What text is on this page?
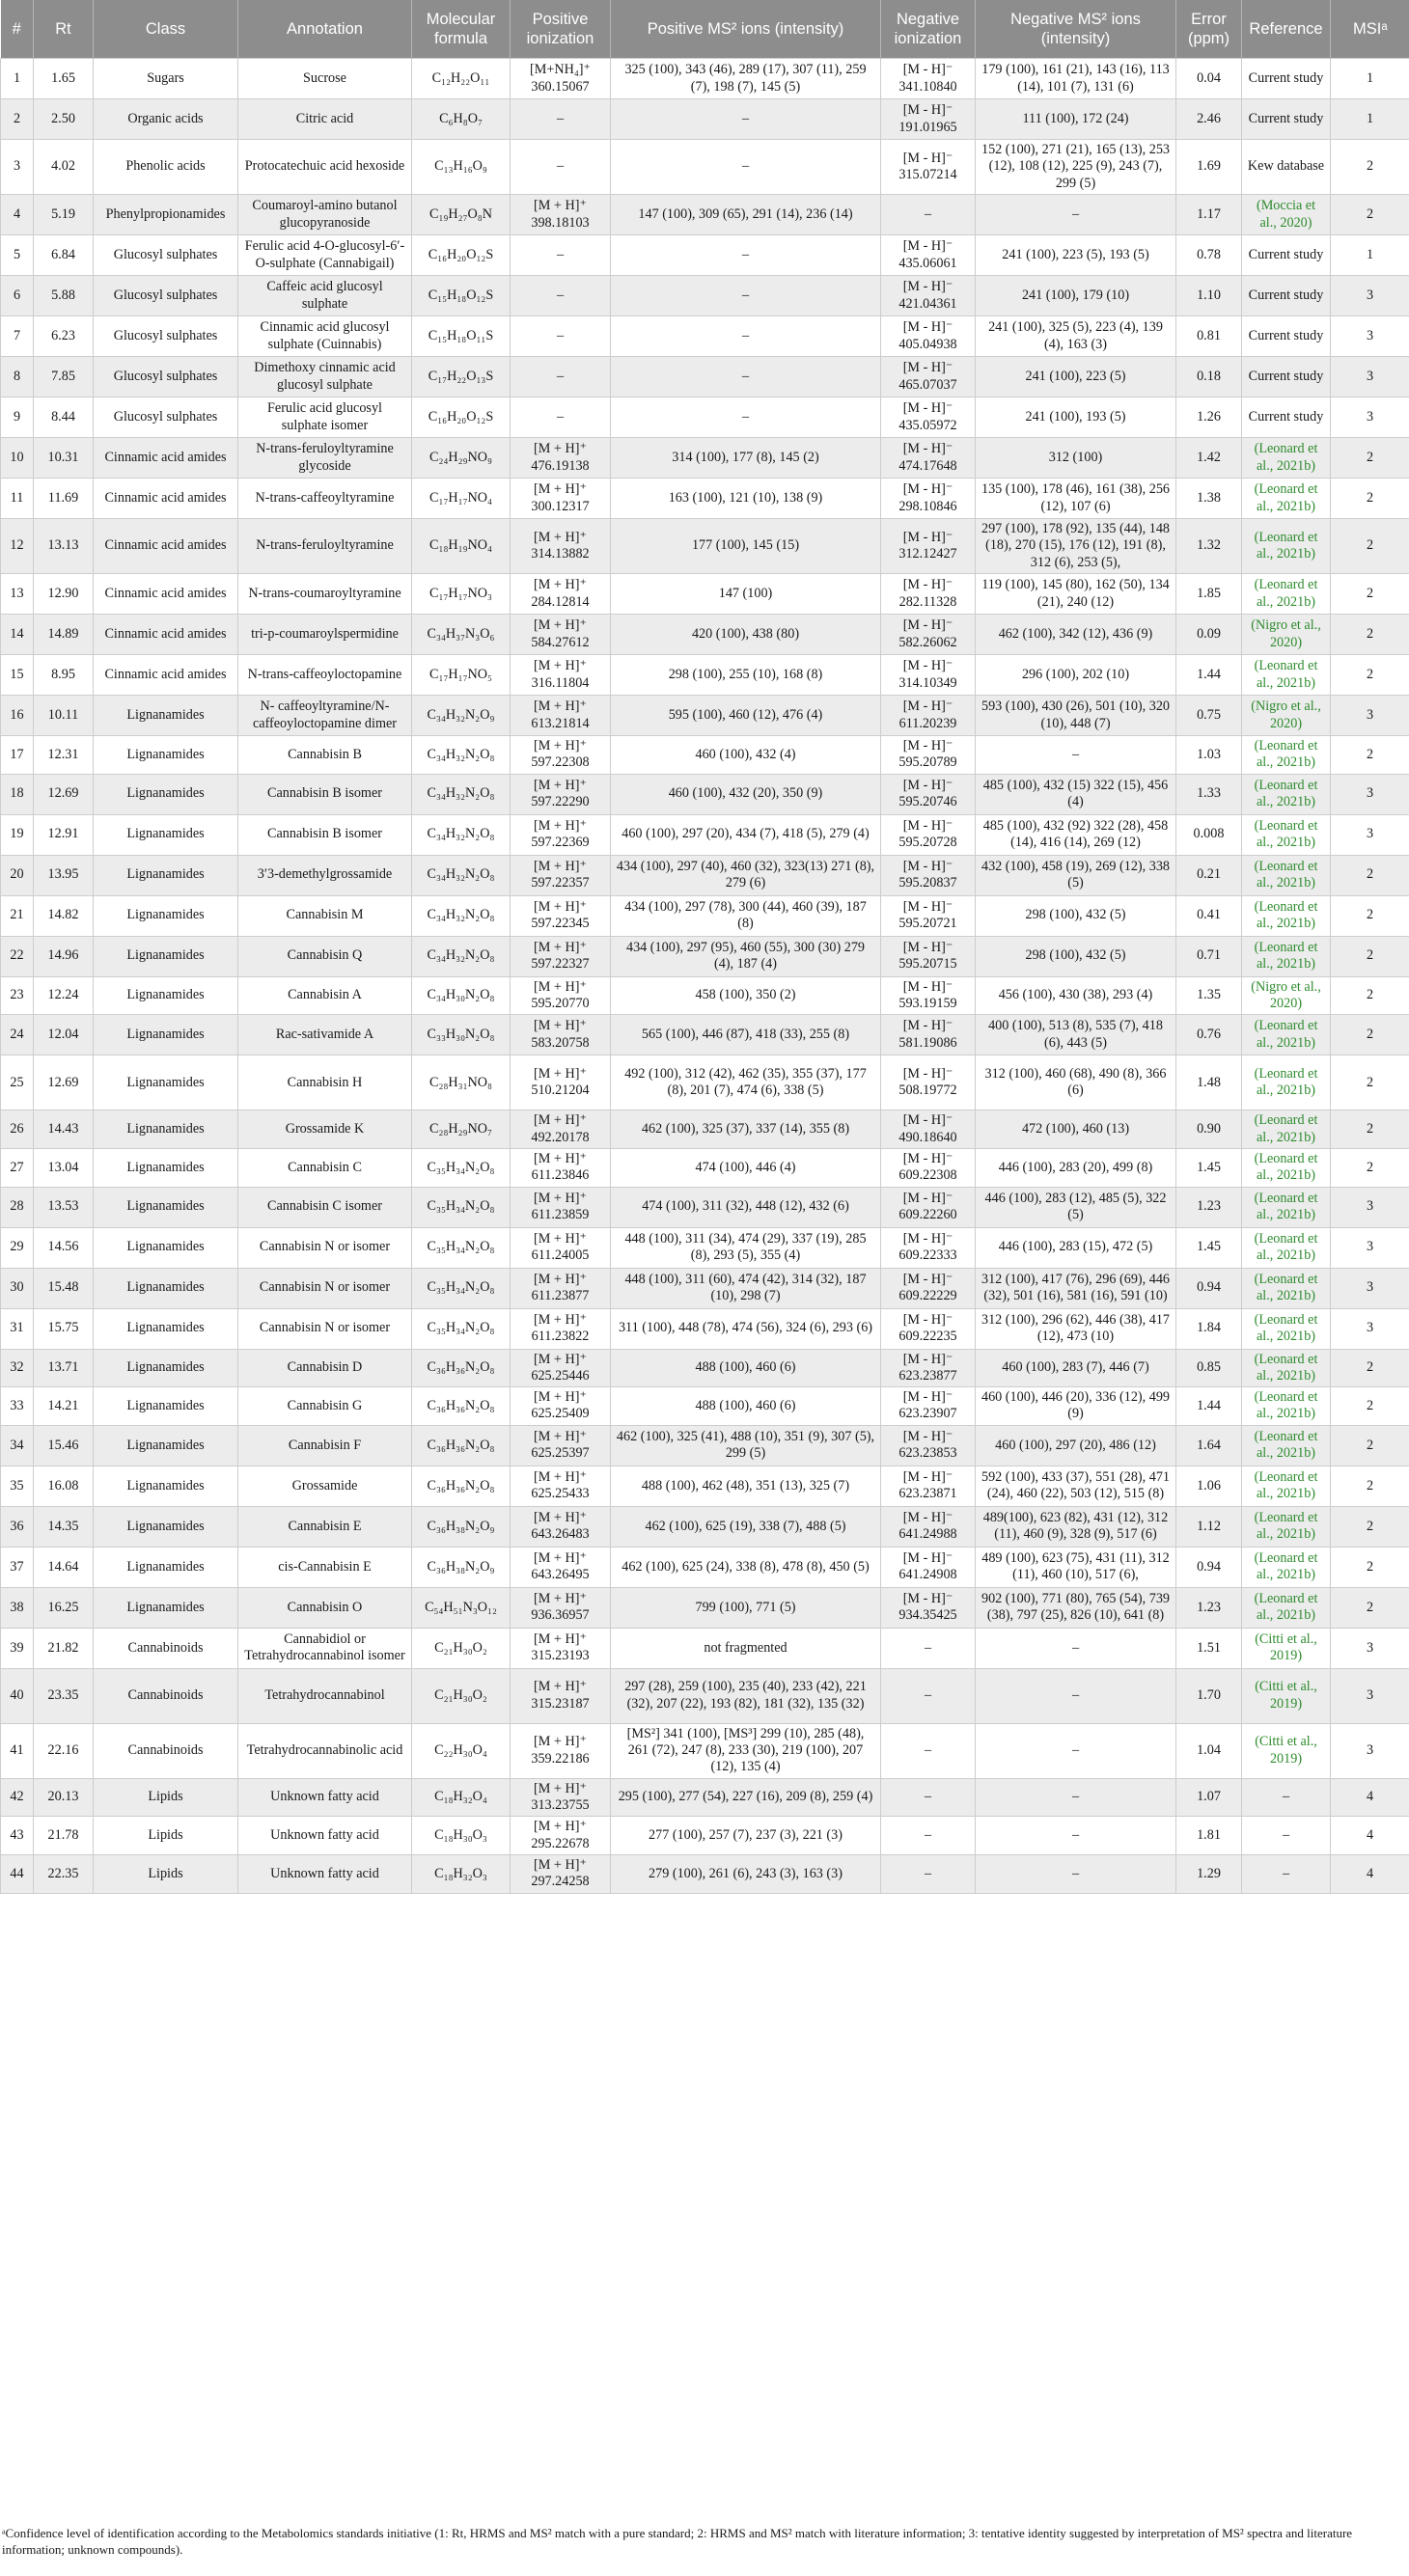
#	Rt	Class	Annotation	Molecular formula	Positive ionization	Positive MS² ions (intensity)	Negative ionization	Negative MS² ions (intensity)	Error (ppm)	Reference	MSIᵃ
1	1.65	Sugars	Sucrose	C₁₂H₂₂O₁₁	[M+NH₄]⁺ 360.15067	325 (100), 343 (46), 289 (17), 307 (11), 259 (7), 198 (7), 145 (5)	[M - H]⁻ 341.10840	179 (100), 161 (21), 143 (16), 113 (14), 101 (7), 131 (6)	0.04	Current study	1
2	2.50	Organic acids	Citric acid	C₆H₈O₇	–	–	[M - H]⁻ 191.01965	111 (100), 172 (24)	2.46	Current study	1
3	4.02	Phenolic acids	Protocatechuic acid hexoside	C₁₃H₁₆O₉	–	–	[M - H]⁻ 315.07214	152 (100), 271 (21), 165 (13), 253 (12), 108 (12), 225 (9), 243 (7), 299 (5)	1.69	Kew database	2
4	5.19	Phenylpropionamides	Coumaroyl-amino butanol glucopyranoside	C₁₉H₂₇O₈N	[M + H]⁺ 398.18103	147 (100), 309 (65), 291 (14), 236 (14)	–	–	1.17	(Moccia et al., 2020)	2
5	6.84	Glucosyl sulphates	Ferulic acid 4-O-glucosyl-6′-O-sulphate (Cannabigail)	C₁₆H₂₀O₁₂S	–	–	[M - H]⁻ 435.06061	241 (100), 223 (5), 193 (5)	0.78	Current study	1
6	5.88	Glucosyl sulphates	Caffeic acid glucosyl sulphate	C₁₅H₁₈O₁₂S	–	–	[M - H]⁻ 421.04361	241 (100), 179 (10)	1.10	Current study	3
7	6.23	Glucosyl sulphates	Cinnamic acid glucosyl sulphate (Cuinnabis)	C₁₅H₁₈O₁₁S	–	–	[M - H]⁻ 405.04938	241 (100), 325 (5), 223 (4), 139 (4), 163 (3)	0.81	Current study	3
8	7.85	Glucosyl sulphates	Dimethoxy cinnamic acid glucosyl sulphate	C₁₇H₂₂O₁₃S	–	–	[M - H]⁻ 465.07037	241 (100), 223 (5)	0.18	Current study	3
9	8.44	Glucosyl sulphates	Ferulic acid glucosyl sulphate isomer	C₁₆H₂₀O₁₂S	–	–	[M - H]⁻ 435.05972	241 (100), 193 (5)	1.26	Current study	3
10	10.31	Cinnamic acid amides	N-trans-feruloyltyramine glycoside	C₂₄H₂₉NO₉	[M + H]⁺ 476.19138	314 (100), 177 (8), 145 (2)	[M - H]⁻ 474.17648	312 (100)	1.42	(Leonard et al., 2021b)	2
11	11.69	Cinnamic acid amides	N-trans-caffeoyltyramine	C₁₇H₁₇NO₄	[M + H]⁺ 300.12317	163 (100), 121 (10), 138 (9)	[M - H]⁻ 298.10846	135 (100), 178 (46), 161 (38), 256 (12), 107 (6)	1.38	(Leonard et al., 2021b)	2
12	13.13	Cinnamic acid amides	N-trans-feruloyltyramine	C₁₈H₁₉NO₄	[M + H]⁺ 314.13882	177 (100), 145 (15)	[M - H]⁻ 312.12427	297 (100), 178 (92), 135 (44), 148 (18), 270 (15), 176 (12), 191 (8), 312 (6), 253 (5),	1.32	(Leonard et al., 2021b)	2
13	12.90	Cinnamic acid amides	N-trans-coumaroyltyramine	C₁₇H₁₇NO₃	[M + H]⁺ 284.12814	147 (100)	[M - H]⁻ 282.11328	119 (100), 145 (80), 162 (50), 134 (21), 240 (12)	1.85	(Leonard et al., 2021b)	2
14	14.89	Cinnamic acid amides	tri-p-coumaroylspermidine	C₃₄H₃₇N₃O₆	[M + H]⁺ 584.27612	420 (100), 438 (80)	[M - H]⁻ 582.26062	462 (100), 342 (12), 436 (9)	0.09	(Nigro et al., 2020)	2
15	8.95	Cinnamic acid amides	N-trans-caffeoyloctopamine	C₁₇H₁₇NO₅	[M + H]⁺ 316.11804	298 (100), 255 (10), 168 (8)	[M - H]⁻ 314.10349	296 (100), 202 (10)	1.44	(Leonard et al., 2021b)	2
16	10.11	Lignanamides	N- caffeoyltyramine/N-caffeoyloctopamine dimer	C₃₄H₃₂N₂O₉	[M + H]⁺ 613.21814	595 (100), 460 (12), 476 (4)	[M - H]⁻ 611.20239	593 (100), 430 (26), 501 (10), 320 (10), 448 (7)	0.75	(Nigro et al., 2020)	3
17	12.31	Lignanamides	Cannabisin B	C₃₄H₃₂N₂O₈	[M + H]⁺ 597.22308	460 (100), 432 (4)	[M - H]⁻ 595.20789	–	1.03	(Leonard et al., 2021b)	2
18	12.69	Lignanamides	Cannabisin B isomer	C₃₄H₃₂N₂O₈	[M + H]⁺ 597.22290	460 (100), 432 (20), 350 (9)	[M - H]⁻ 595.20746	485 (100), 432 (15) 322 (15), 456 (4)	1.33	(Leonard et al., 2021b)	3
19	12.91	Lignanamides	Cannabisin B isomer	C₃₄H₃₂N₂O₈	[M + H]⁺ 597.22369	460 (100), 297 (20), 434 (7), 418 (5), 279 (4)	[M - H]⁻ 595.20728	485 (100), 432 (92) 322 (28), 458 (14), 416 (14), 269 (12)	0.008	(Leonard et al., 2021b)	3
20	13.95	Lignanamides	3′3-demethylgrossamide	C₃₄H₃₂N₂O₈	[M + H]⁺ 597.22357	434 (100), 297 (40), 460 (32), 323(13) 271 (8), 279 (6)	[M - H]⁻ 595.20837	432 (100), 458 (19), 269 (12), 338 (5)	0.21	(Leonard et al., 2021b)	2
21	14.82	Lignanamides	Cannabisin M	C₃₄H₃₂N₂O₈	[M + H]⁺ 597.22345	434 (100), 297 (78), 300 (44), 460 (39), 187 (8)	[M - H]⁻ 595.20721	298 (100), 432 (5)	0.41	(Leonard et al., 2021b)	2
22	14.96	Lignanamides	Cannabisin Q	C₃₄H₃₂N₂O₈	[M + H]⁺ 597.22327	434 (100), 297 (95), 460 (55), 300 (30) 279 (4), 187 (4)	[M - H]⁻ 595.20715	298 (100), 432 (5)	0.71	(Leonard et al., 2021b)	2
23	12.24	Lignanamides	Cannabisin A	C₃₄H₃₀N₂O₈	[M + H]⁺ 595.20770	458 (100), 350 (2)	[M - H]⁻ 593.19159	456 (100), 430 (38), 293 (4)	1.35	(Nigro et al., 2020)	2
24	12.04	Lignanamides	Rac-sativamide A	C₃₃H₃₀N₂O₈	[M + H]⁺ 583.20758	565 (100), 446 (87), 418 (33), 255 (8)	[M - H]⁻ 581.19086	400 (100), 513 (8), 535 (7), 418 (6), 443 (5)	0.76	(Leonard et al., 2021b)	2
25	12.69	Lignanamides	Cannabisin H	C₂₈H₃₁NO₈	[M + H]⁺ 510.21204	492 (100), 312 (42), 462 (35), 355 (37), 177 (8), 201 (7), 474 (6), 338 (5)	[M - H]⁻ 508.19772	312 (100), 460 (68), 490 (8), 366 (6)	1.48	(Leonard et al., 2021b)	2
26	14.43	Lignanamides	Grossamide K	C₂₈H₂₉NO₇	[M + H]⁺ 492.20178	462 (100), 325 (37), 337 (14), 355 (8)	[M - H]⁻ 490.18640	472 (100), 460 (13)	0.90	(Leonard et al., 2021b)	2
27	13.04	Lignanamides	Cannabisin C	C₃₅H₃₄N₂O₈	[M + H]⁺ 611.23846	474 (100), 446 (4)	[M - H]⁻ 609.22308	446 (100), 283 (20), 499 (8)	1.45	(Leonard et al., 2021b)	2
28	13.53	Lignanamides	Cannabisin C isomer	C₃₅H₃₄N₂O₈	[M + H]⁺ 611.23859	474 (100), 311 (32), 448 (12), 432 (6)	[M - H]⁻ 609.22260	446 (100), 283 (12), 485 (5), 322 (5)	1.23	(Leonard et al., 2021b)	3
29	14.56	Lignanamides	Cannabisin N or isomer	C₃₅H₃₄N₂O₈	[M + H]⁺ 611.24005	448 (100), 311 (34), 474 (29), 337 (19), 285 (8), 293 (5), 355 (4)	[M - H]⁻ 609.22333	446 (100), 283 (15), 472 (5)	1.45	(Leonard et al., 2021b)	3
30	15.48	Lignanamides	Cannabisin N or isomer	C₃₅H₃₄N₂O₈	[M + H]⁺ 611.23877	448 (100), 311 (60), 474 (42), 314 (32), 187 (10), 298 (7)	[M - H]⁻ 609.22229	312 (100), 417 (76), 296 (69), 446 (32), 501 (16), 581 (16), 591 (10)	0.94	(Leonard et al., 2021b)	3
31	15.75	Lignanamides	Cannabisin N or isomer	C₃₅H₃₄N₂O₈	[M + H]⁺ 611.23822	311 (100), 448 (78), 474 (56), 324 (6), 293 (6)	[M - H]⁻ 609.22235	312 (100), 296 (62), 446 (38), 417 (12), 473 (10)	1.84	(Leonard et al., 2021b)	3
32	13.71	Lignanamides	Cannabisin D	C₃₆H₃₆N₂O₈	[M + H]⁺ 625.25446	488 (100), 460 (6)	[M - H]⁻ 623.23877	460 (100), 283 (7), 446 (7)	0.85	(Leonard et al., 2021b)	2
33	14.21	Lignanamides	Cannabisin G	C₃₆H₃₆N₂O₈	[M + H]⁺ 625.25409	488 (100), 460 (6)	[M - H]⁻ 623.23907	460 (100), 446 (20), 336 (12), 499 (9)	1.44	(Leonard et al., 2021b)	2
34	15.46	Lignanamides	Cannabisin F	C₃₆H₃₆N₂O₈	[M + H]⁺ 625.25397	462 (100), 325 (41), 488 (10), 351 (9), 307 (5), 299 (5)	[M - H]⁻ 623.23853	460 (100), 297 (20), 486 (12)	1.64	(Leonard et al., 2021b)	2
35	16.08	Lignanamides	Grossamide	C₃₆H₃₆N₂O₈	[M + H]⁺ 625.25433	488 (100), 462 (48), 351 (13), 325 (7)	[M - H]⁻ 623.23871	592 (100), 433 (37), 551 (28), 471 (24), 460 (22), 503 (12), 515 (8)	1.06	(Leonard et al., 2021b)	2
36	14.35	Lignanamides	Cannabisin E	C₃₆H₃₈N₂O₉	[M + H]⁺ 643.26483	462 (100), 625 (19), 338 (7), 488 (5)	[M - H]⁻ 641.24988	489(100), 623 (82), 431 (12), 312 (11), 460 (9), 328 (9), 517 (6)	1.12	(Leonard et al., 2021b)	2
37	14.64	Lignanamides	cis-Cannabisin E	C₃₆H₃₈N₂O₉	[M + H]⁺ 643.26495	462 (100), 625 (24), 338 (8), 478 (8), 450 (5)	[M - H]⁻ 641.24908	489 (100), 623 (75), 431 (11), 312 (11), 460 (10), 517 (6),	0.94	(Leonard et al., 2021b)	2
38	16.25	Lignanamides	Cannabisin O	C₅₄H₅₁N₃O₁₂	[M + H]⁺ 936.36957	799 (100), 771 (5)	[M - H]⁻ 934.35425	902 (100), 771 (80), 765 (54), 739 (38), 797 (25), 826 (10), 641 (8)	1.23	(Leonard et al., 2021b)	2
39	21.82	Cannabinoids	Cannabidiol or Tetrahydrocannabinol isomer	C₂₁H₃₀O₂	[M + H]⁺ 315.23193	not fragmented	–	–	1.51	(Citti et al., 2019)	3
40	23.35	Cannabinoids	Tetrahydrocannabinol	C₂₁H₃₀O₂	[M + H]⁺ 315.23187	297 (28), 259 (100), 235 (40), 233 (42), 221 (32), 207 (22), 193 (82), 181 (32), 135 (32)	–	–	1.70	(Citti et al., 2019)	3
41	22.16	Cannabinoids	Tetrahydrocannabinolic acid	C₂₂H₃₀O₄	[M + H]⁺ 359.22186	[MS²] 341 (100), [MS³] 299 (10), 285 (48), 261 (72), 247 (8), 233 (30), 219 (100), 207 (12), 135 (4)	–	–	1.04	(Citti et al., 2019)	3
42	20.13	Lipids	Unknown fatty acid	C₁₈H₃₂O₄	[M + H]⁺ 313.23755	295 (100), 277 (54), 227 (16), 209 (8), 259 (4)	–	–	1.07	–	4
43	21.78	Lipids	Unknown fatty acid	C₁₈H₃₀O₃	[M + H]⁺ 295.22678	277 (100), 257 (7), 237 (3), 221 (3)	–	–	1.81	–	4
44	22.35	Lipids	Unknown fatty acid	C₁₈H₃₂O₃	[M + H]⁺ 297.24258	279 (100), 261 (6), 243 (3), 163 (3)	–	–	1.29	–	4
ᵃConfidence level of identification according to the Metabolomics standards initiative (1: Rt, HRMS and MS² match with a pure standard; 2: HRMS and MS² match with literature information; 3: tentative identity suggested by interpretation of MS² spectra and literature information; unknown compounds).
